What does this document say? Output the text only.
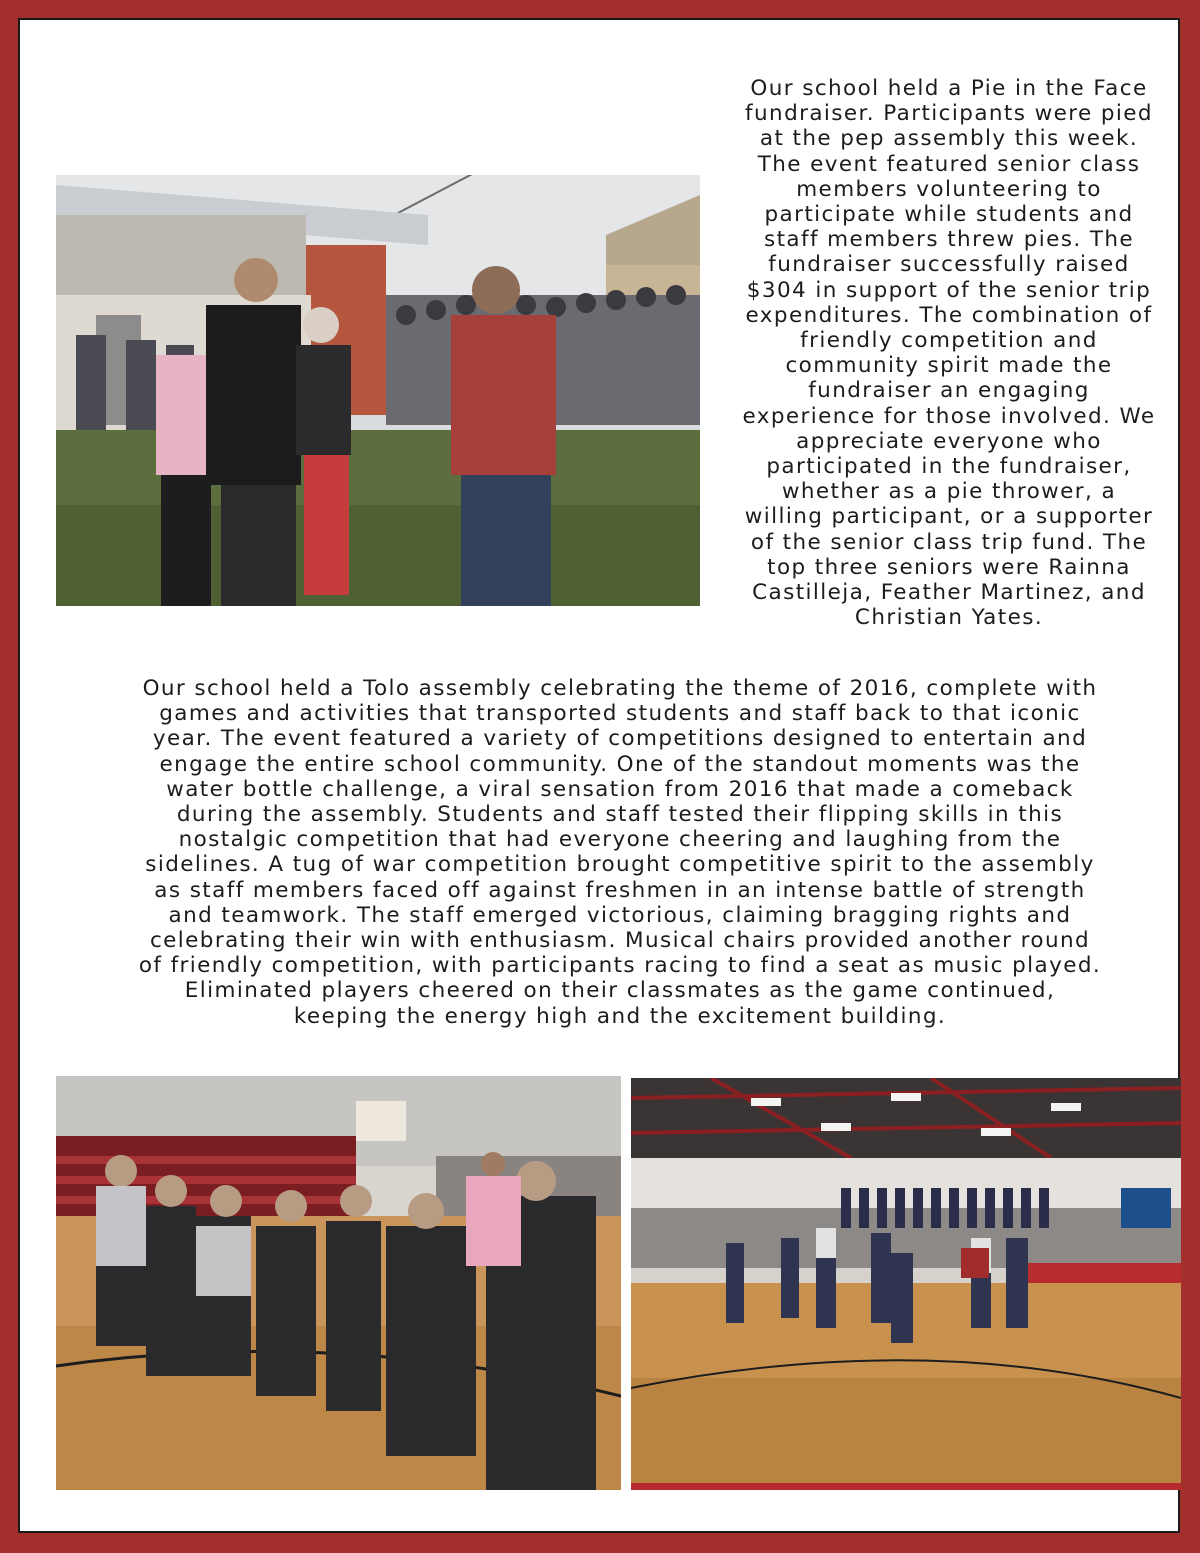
Our school held a Pie in the Face
fundraiser. Participants were pied
at the pep assembly this week.
The event featured senior class
members volunteering to
participate while students and
staff members threw pies. The
fundraiser successfully raised
$304 in support of the senior trip
expenditures. The combination of
friendly competition and
community spirit made the
fundraiser an engaging
experience for those involved. We
appreciate everyone who
participated in the fundraiser,
whether as a pie thrower, a
willing participant, or a supporter
of the senior class trip fund. The
top three seniors were Rainna
Castilleja, Feather Martinez, and
Christian Yates.

Our school held a Tolo assembly celebrating the theme of 2016, complete with
games and activities that transported students and staff back to that iconic
year. The event featured a variety of competitions designed to entertain and
engage the entire school community. One of the standout moments was the
water bottle challenge, a viral sensation from 2016 that made a comeback
during the assembly. Students and staff tested their flipping skills in this
nostalgic competition that had everyone cheering and laughing from the
sidelines. A tug of war competition brought competitive spirit to the assembly
as staff members faced off against freshmen in an intense battle of strength
and teamwork. The staff emerged victorious, claiming bragging rights and
celebrating their win with enthusiasm. Musical chairs provided another round
of friendly competition, with participants racing to find a seat as music played.
Eliminated players cheered on their classmates as the game continued,
keeping the energy high and the excitement building.
